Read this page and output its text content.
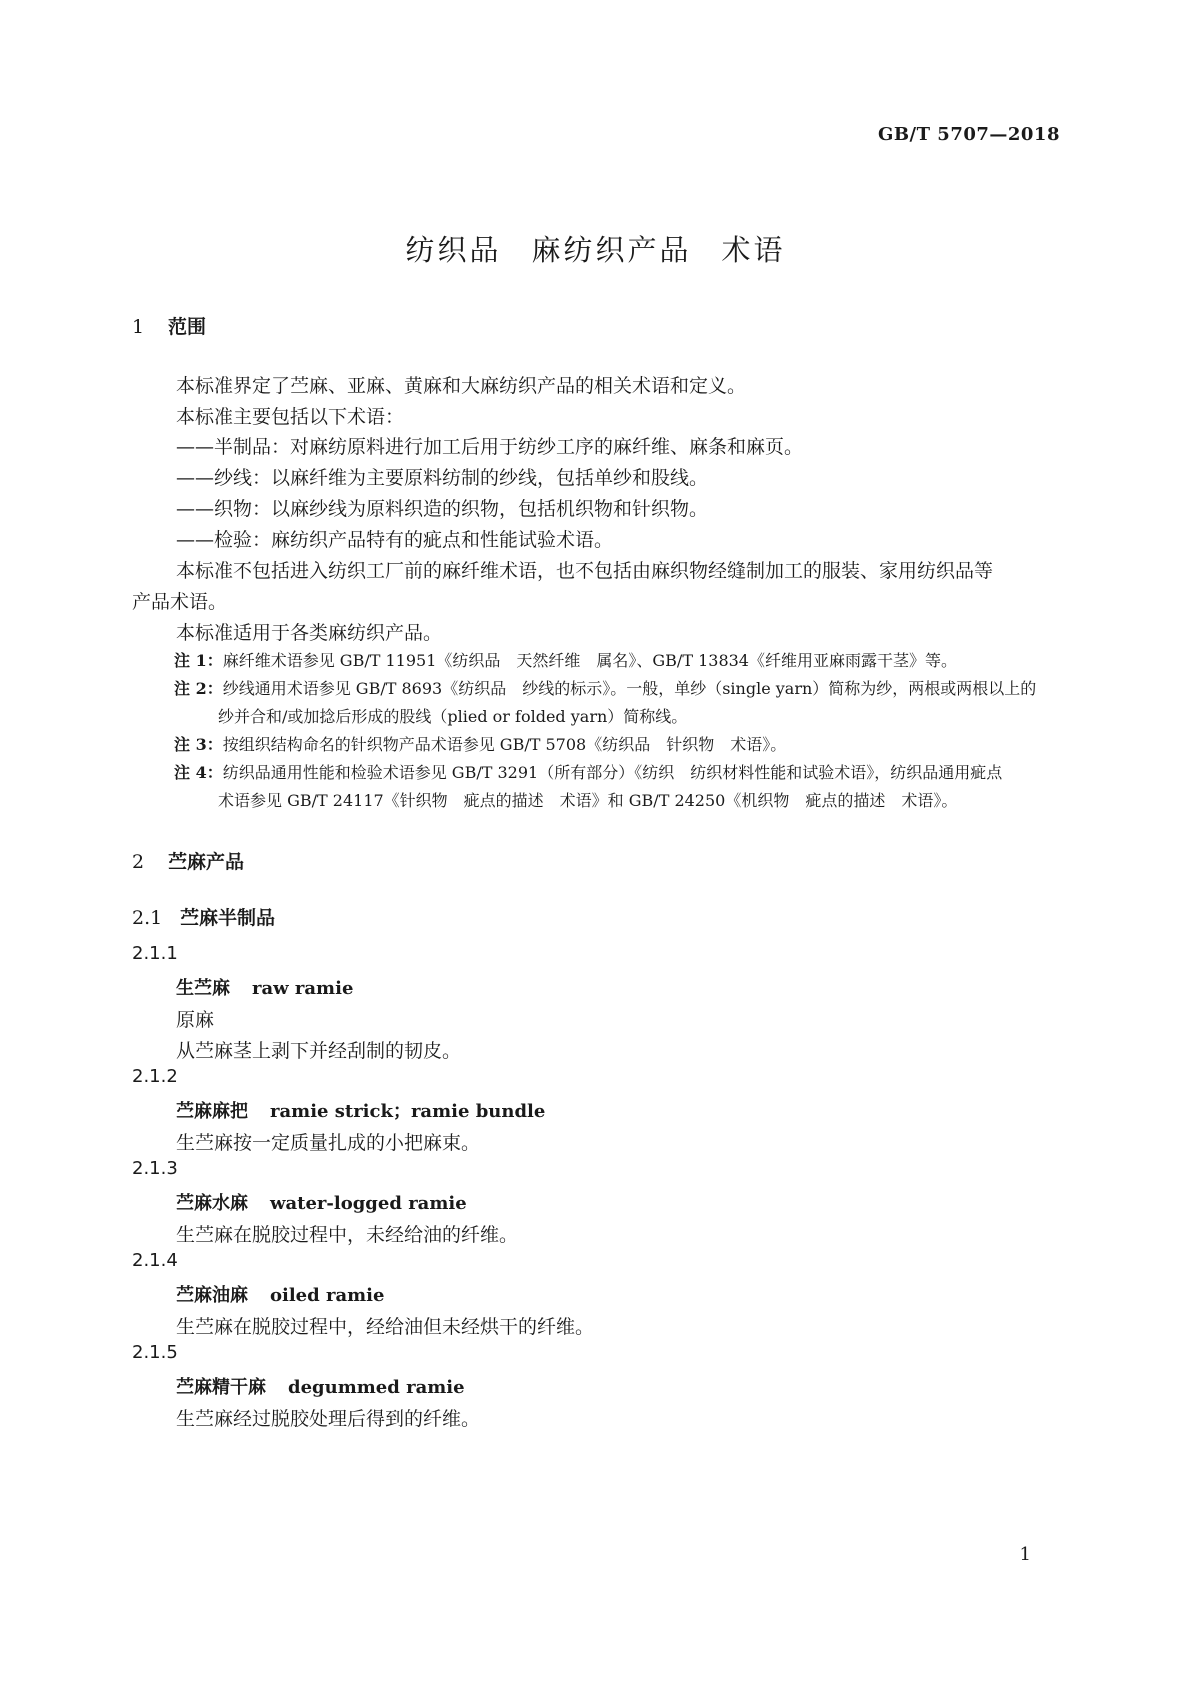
GB/T 5707—2018
纺织品 麻纺织产品 术语
1 范围
本标准界定了苎麻、亚麻、黄麻和大麻纺织产品的相关术语和定义。
本标准主要包括以下术语：
——半制品：对麻纺原料进行加工后用于纺纱工序的麻纤维、麻条和麻页。
——纱线：以麻纤维为主要原料纺制的纱线，包括单纱和股线。
——织物：以麻纱线为原料织造的织物，包括机织物和针织物。
——检验：麻纺织产品特有的疵点和性能试验术语。
本标准不包括进入纺织工厂前的麻纤维术语，也不包括由麻织物经缝制加工的服装、家用纺织品等
产品术语。
本标准适用于各类麻纺织产品。
注 1：麻纤维术语参见 GB/T 11951《纺织品　天然纤维　属名》、GB/T 13834《纤维用亚麻雨露干茎》等。
注 2：纱线通用术语参见 GB/T 8693《纺织品　纱线的标示》。一般，单纱（single yarn）简称为纱，两根或两根以上的
纱并合和/或加捻后形成的股线（plied or folded yarn）简称线。
注 3：按组织结构命名的针织物产品术语参见 GB/T 5708《纺织品　针织物　术语》。
注 4：纺织品通用性能和检验术语参见 GB/T 3291（所有部分）《纺织　纺织材料性能和试验术语》，纺织品通用疵点
术语参见 GB/T 24117《针织物　疵点的描述　术语》和 GB/T 24250《机织物　疵点的描述　术语》。
2 苎麻产品
2.1 苎麻半制品
2.1.1
生苎麻 raw ramie
原麻
从苎麻茎上剥下并经刮制的韧皮。
2.1.2
苎麻麻把 ramie strick；ramie bundle
生苎麻按一定质量扎成的小把麻束。
2.1.3
苎麻水麻 water-logged ramie
生苎麻在脱胶过程中，未经给油的纤维。
2.1.4
苎麻油麻 oiled ramie
生苎麻在脱胶过程中，经给油但未经烘干的纤维。
2.1.5
苎麻精干麻 degummed ramie
生苎麻经过脱胶处理后得到的纤维。
1
